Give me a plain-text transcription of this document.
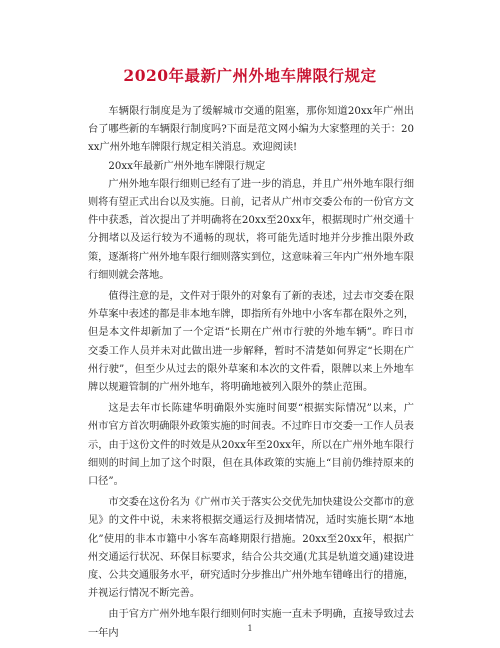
2020年最新广州外地车牌限行规定

车辆限行制度是为了缓解城市交通的阻塞，那你知道20xx年广州出台了哪些新的车辆限行制度吗?下面是范文网小编为大家整理的关于：20xx广州外地车牌限行规定相关消息。欢迎阅读!

20xx年最新广州外地车牌限行规定

广州外地车限行细则已经有了进一步的消息，并且广州外地车限行细则将有望正式出台以及实施。日前，记者从广州市交委公布的一份官方文件中获悉，首次提出了并明确将在20xx至20xx年，根据现时广州交通十分拥堵以及运行较为不通畅的现状，将可能先适时地并分步推出限外政策，逐渐将广州外地车限行细则落实到位，这意味着三年内广州外地车限行细则就会落地。

值得注意的是，文件对于限外的对象有了新的表述，过去市交委在限外草案中表述的都是非本地车牌，即指所有外地中小客车都在限外之列，但是本文件却新加了一个定语“长期在广州市行驶的外地车辆”。昨日市交委工作人员并未对此做出进一步解释，暂时不清楚如何界定“长期在广州行驶”，但至少从过去的限外草案和本次的文件看，限牌以来上外地车牌以规避管制的广州外地车，将明确地被列入限外的禁止范围。

这是去年市长陈建华明确限外实施时间要“根据实际情况”以来，广州市官方首次明确限外政策实施的时间表。不过昨日市交委一工作人员表示，由于这份文件的时效是从20xx年至20xx年，所以在广州外地车限行细则的时间上加了这个时限，但在具体政策的实施上“目前仍维持原来的口径”。

市交委在这份名为《广州市关于落实公交优先加快建设公交都市的意见》的文件中说，未来将根据交通运行及拥堵情况，适时实施长期“本地化”使用的非本市籍中小客车高峰期限行措施。20xx至20xx年，根据广州交通运行状况、环保目标要求，结合公共交通(尤其是轨道交通)建设进度、公共交通服务水平，研究适时分步推出广州外地车错峰出行的措施，并视运行情况不断完善。

由于官方广州外地车限行细则何时实施一直未予明确，直接导致过去一年内	1
